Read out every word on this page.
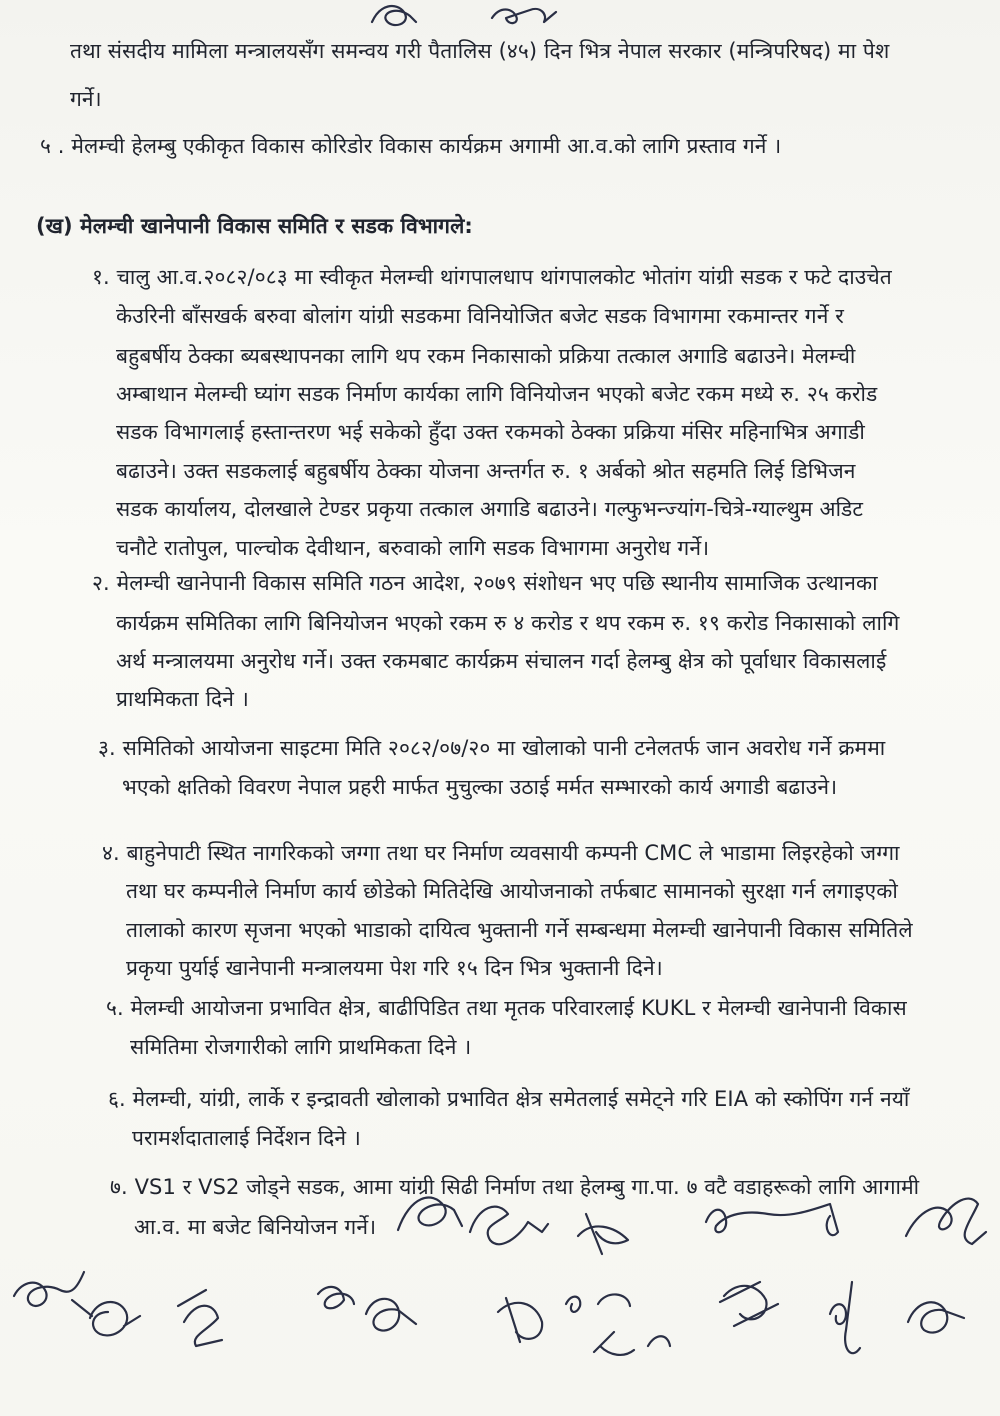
तथा संसदीय मामिला मन्त्रालयसँग समन्वय गरी पैतालिस (४५) दिन भित्र नेपाल सरकार (मन्त्रिपरिषद) मा पेश
गर्ने।
५ . मेलम्ची हेलम्बु एकीकृत विकास कोरिडोर विकास कार्यक्रम अगामी आ.व.को लागि प्रस्ताव गर्ने ।
(ख) मेलम्ची खानेपानी विकास समिति र सडक विभागले:
१. चालु आ.व.२०८२/०८३ मा स्वीकृत मेलम्ची थांगपालधाप थांगपालकोट भोतांग यांग्री सडक र फटे दाउचेत
केउरिनी बाँसखर्क बरुवा बोलांग यांग्री सडकमा विनियोजित बजेट सडक विभागमा रकमान्तर गर्ने र
बहुबर्षीय ठेक्का ब्यबस्थापनका लागि थप रकम निकासाको प्रक्रिया तत्काल अगाडि बढाउने। मेलम्ची
अम्बाथान मेलम्ची घ्यांग सडक निर्माण कार्यका लागि विनियोजन भएको बजेट रकम मध्ये रु. २५ करोड
सडक विभागलाई हस्तान्तरण भई सकेको हुँदा उक्त रकमको ठेक्का प्रक्रिया मंसिर महिनाभित्र अगाडी
बढाउने। उक्त सडकलाई बहुबर्षीय ठेक्का योजना अन्तर्गत रु. १ अर्बको श्रोत सहमति लिई डिभिजन
सडक कार्यालय, दोलखाले टेण्डर प्रकृया तत्काल अगाडि बढाउने। गल्फुभन्ज्यांग-चित्रे-ग्याल्थुम अडिट
चनौटे रातोपुल, पाल्चोक देवीथान, बरुवाको लागि सडक विभागमा अनुरोध गर्ने।
२. मेलम्ची खानेपानी विकास समिति गठन आदेश, २०७९ संशोधन भए पछि स्थानीय सामाजिक उत्थानका
कार्यक्रम समितिका लागि बिनियोजन भएको रकम रु ४ करोड र थप रकम रु. १९ करोड निकासाको लागि
अर्थ मन्त्रालयमा अनुरोध गर्ने। उक्त रकमबाट कार्यक्रम संचालन गर्दा हेलम्बु क्षेत्र को पूर्वाधार विकासलाई
प्राथमिकता दिने ।
३. समितिको आयोजना साइटमा मिति २०८२/०७/२० मा खोलाको पानी टनेलतर्फ जान अवरोध गर्ने क्रममा
भएको क्षतिको विवरण नेपाल प्रहरी मार्फत मुचुल्का उठाई मर्मत सम्भारको कार्य अगाडी बढाउने।
४. बाहुनेपाटी स्थित नागरिकको जग्गा तथा घर निर्माण व्यवसायी कम्पनी CMC ले भाडामा लिइरहेको जग्गा
तथा घर कम्पनीले निर्माण कार्य छोडेको मितिदेखि आयोजनाको तर्फबाट सामानको सुरक्षा गर्न लगाइएको
तालाको कारण सृजना भएको भाडाको दायित्व भुक्तानी गर्ने सम्बन्धमा मेलम्ची खानेपानी विकास समितिले
प्रकृया पुर्याई खानेपानी मन्त्रालयमा पेश गरि १५ दिन भित्र भुक्तानी दिने।
५. मेलम्ची आयोजना प्रभावित क्षेत्र, बाढीपिडित तथा मृतक परिवारलाई KUKL र मेलम्ची खानेपानी विकास
समितिमा रोजगारीको लागि प्राथमिकता दिने ।
६. मेलम्ची, यांग्री, लार्के र इन्द्रावती खोलाको प्रभावित क्षेत्र समेतलाई समेट्ने गरि EIA को स्कोपिंग गर्न नयाँ
परामर्शदातालाई निर्देशन दिने ।
७. VS1 र VS2 जोड्ने सडक, आमा यांग्री सिढी निर्माण तथा हेलम्बु गा.पा. ७ वटै वडाहरूको लागि आगामी
आ.व. मा बजेट बिनियोजन गर्ने।
